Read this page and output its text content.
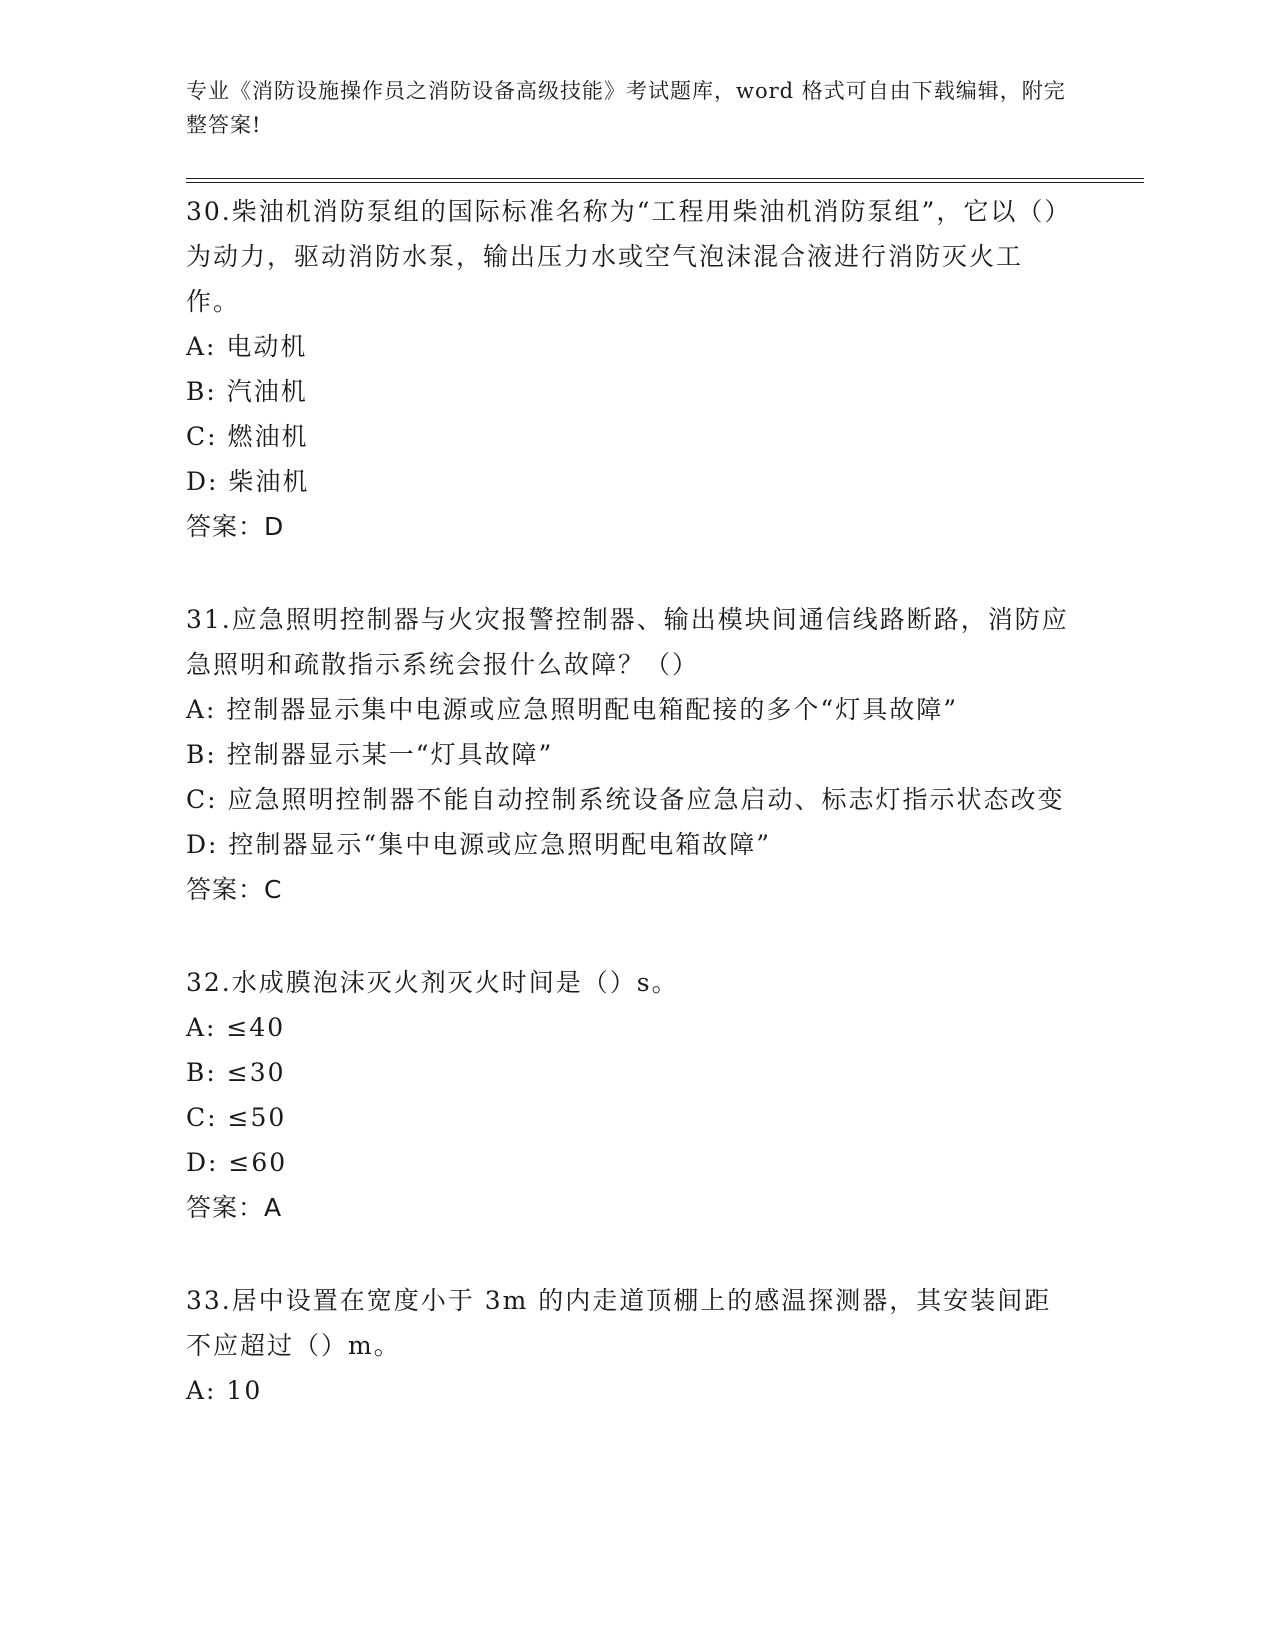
专业《消防设施操作员之消防设备高级技能》考试题库，word 格式可自由下载编辑，附完整答案!
30.柴油机消防泵组的国际标准名称为“工程用柴油机消防泵组”，它以（）为动力，驱动消防水泵，输出压力水或空气泡沫混合液进行消防灭火工作。
A: 电动机
B: 汽油机
C: 燃油机
D: 柴油机
答案：D
31.应急照明控制器与火灾报警控制器、输出模块间通信线路断路，消防应急照明和疏散指示系统会报什么故障？（）
A: 控制器显示集中电源或应急照明配电箱配接的多个“灯具故障”
B: 控制器显示某一“灯具故障”
C: 应急照明控制器不能自动控制系统设备应急启动、标志灯指示状态改变
D: 控制器显示“集中电源或应急照明配电箱故障”
答案：C
32.水成膜泡沫灭火剂灭火时间是（）s。
A: ≤40
B: ≤30
C: ≤50
D: ≤60
答案：A
33.居中设置在宽度小于 3m 的内走道顶棚上的感温探测器，其安装间距不应超过（）m。
A: 10
